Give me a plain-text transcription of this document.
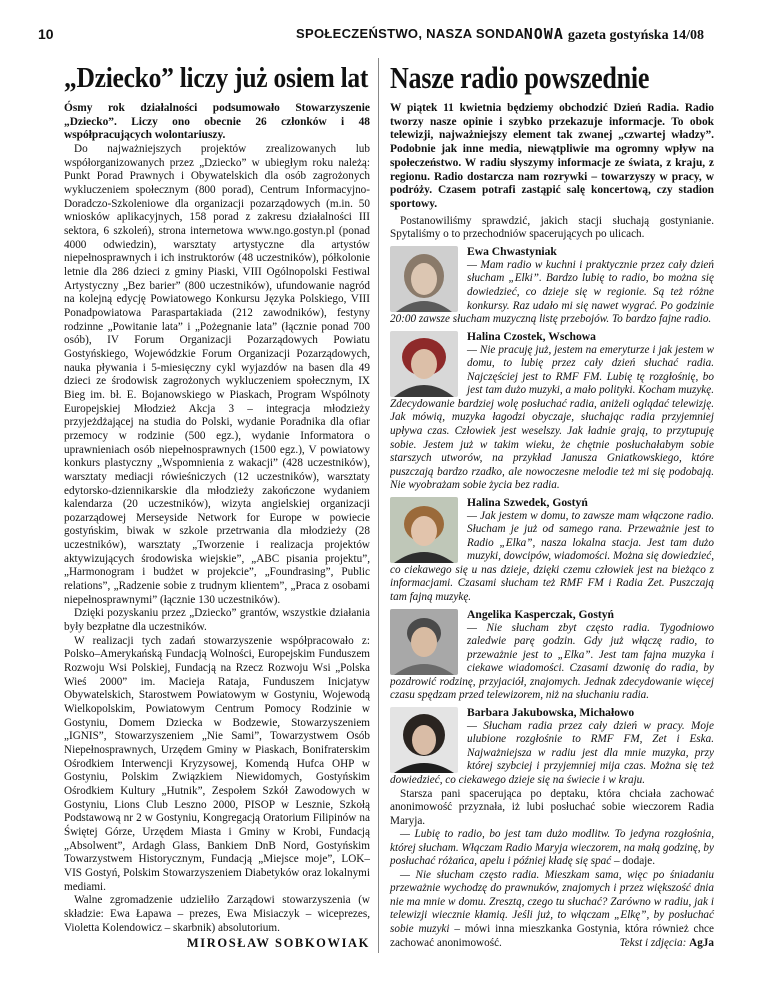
10	SPOŁECZEŃSTWO, NASZA SONDA NOWA gazeta gostyńska 14/08
„Dziecko” liczy już osiem lat
Ósmy rok działalności podsumowało Stowarzyszenie „Dziecko”. Liczy ono obecnie 26 członków i 48 współpracujących wolontariuszy.

Do najważniejszych projektów zrealizowanych lub współorganizowanych przez „Dziecko” w ubiegłym roku należą: Punkt Porad Prawnych i Obywatelskich dla osób zagrożonych wykluczeniem społecznym (800 porad), Centrum Informacyjno-Doradczo-Szkoleniowe dla organizacji pozarządowych (m.in. 50 wniosków aplikacyjnych, 158 porad z zakresu działalności III sektora, 6 szkoleń), strona internetowa www.ngo.gostyn.pl (ponad 4000 odwiedzin), warsztaty artystyczne dla artystów niepełnosprawnych i ich instruktorów (48 uczestników), półkolonie letnie dla 286 dzieci z gminy Piaski, VIII Ogólnopolski Festiwal Artystyczny „Bez barier” (800 uczestników), ufundowanie nagród na kolejną edycję Powiatowego Konkursu Języka Polskiego, VIII Ponadpowiatowa Paraspartakiada (212 zawodników), festyny rodzinne „Powitanie lata” i „Pożegnanie lata” (łącznie ponad 700 osób), IV Forum Organizacji Pozarządowych Powiatu Gostyńskiego, Wojewódzkie Forum Organizacji Pozarządowych, nauka pływania i 5-miesięczny cykl wyjazdów na basen dla 49 dzieci ze środowisk zagrożonych wykluczeniem społecznym, IX Bieg im. bł. E. Bojanowskiego w Piaskach, Program Wspólnoty Europejskiej Młodzież Akcja 3 – integracja młodzieży przyjeżdżającej na studia do Polski, wydanie Poradnika dla ofiar przemocy w rodzinie (500 egz.), wydanie Informatora o uprawnieniach osób niepełnosprawnych (1500 egz.), V powiatowy konkurs plastyczny „Wspomnienia z wakacji” (428 uczestników), warsztaty mediacji rówieśniczych (12 uczestników), warsztaty edytorsko-dziennikarskie dla młodzieży zakończone wydaniem kalendarza (20 uczestników), wizyta angielskiej organizacji pozarządowej Merseyside Network for Europe w powiecie gostyńskim, biwak w szkole przetrwania dla młodzieży (28 uczestników), warsztaty „Tworzenie i realizacja projektów aktywizujących środowiska wiejskie”, „ABC pisania projektu”, „Harmonogram i budżet w projekcie”, „Foundrasing”, Public relations”, „Radzenie sobie z trudnym klientem”, „Praca z osobami niepełnosprawnymi” (łącznie 130 uczestników).

Dzięki pozyskaniu przez „Dziecko” grantów, wszystkie działania były bezpłatne dla uczestników.

W realizacji tych zadań stowarzyszenie współpracowało z: Polsko–Amerykańską Fundacją Wolności, Europejskim Funduszem Rozwoju Wsi Polskiej, Fundacją na Rzecz Rozwoju Wsi „Polska Wieś 2000” im. Macieja Rataja, Funduszem Inicjatyw Obywatelskich, Starostwem Powiatowym w Gostyniu, Wojewodą Wielkopolskim, Powiatowym Centrum Pomocy Rodzinie w Gostyniu, Domem Dziecka w Bodzewie, Stowarzyszeniem „IGNIS”, Stowarzyszeniem „Nie Sami”, Towarzystwem Osób Niepełnosprawnych, Urzędem Gminy w Piaskach, Bonifraterskim Ośrodkiem Interwencji Kryzysowej, Komendą Hufca OHP w Gostyniu, Polskim Związkiem Niewidomych, Gostyńskim Ośrodkiem Kultury „Hutnik”, Zespołem Szkół Zawodowych w Gostyniu, Lions Club Leszno 2000, PISOP w Lesznie, Szkołą Podstawową nr 2 w Gostyniu, Kongregacją Oratorium Filipinów na Świętej Górze, Urzędem Miasta i Gminy w Krobi, Fundacją „Absolwent”, Ardagh Glass, Bankiem DnB Nord, Gostyńskim Towarzystwem Historycznym, Fundacją „Miejsce moje”, LOK–VIS Gostyń, Polskim Stowarzyszeniem Diabetyków oraz lokalnymi mediami.

Walne zgromadzenie udzieliło Zarządowi stowarzyszenia (w składzie: Ewa Łapawa – prezes, Ewa Misiaczyk – wiceprezes, Violetta Kolendowicz – skarbnik) absolutorium.

MIROSŁAW SOBKOWIAK
Nasze radio powszednie
W piątek 11 kwietnia będziemy obchodzić Dzień Radia. Radio tworzy nasze opinie i szybko przekazuje informacje. To obok telewizji, najważniejszy element tak zwanej „czwartej władzy”. Podobnie jak inne media, niewątpliwie ma ogromny wpływ na społeczeństwo. W radiu słyszymy informacje ze świata, z kraju, z regionu. Radio dostarcza nam rozrywki – towarzyszy w pracy, w podróży. Czasem potrafi zastąpić salę koncertową, czy stadion sportowy.

Postanowiliśmy sprawdzić, jakich stacji słuchają gostynianie. Spytaliśmy o to przechodniów spacerujących po ulicach.

Ewa Chwastyniak
— Mam radio w kuchni i praktycznie przez cały dzień słucham „Elki”. Bardzo lubię to radio, bo można się dowiedzieć, co dzieje się w regionie. Są też różne konkursy. Raz udało mi się nawet wygrać. Po godzinie 20:00 zawsze słucham muzyczną listę przebojów. To bardzo fajne radio.
Halina Czostek, Wschowa
— Nie pracuję już, jestem na emeryturze i jak jestem w domu, to lubię przez cały dzień słuchać radia. Najczęściej jest to RMF FM. Lubię tę rozgłośnię, bo jest tam dużo muzyki, a mało polityki. Kocham muzykę. Zdecydowanie bardziej wolę posłuchać radia, aniżeli oglądać telewizję. Jak mówią, muzyka łagodzi obyczaje, słuchając radia przyjemniej upływa czas. Człowiek jest weselszy. Jak ładnie grają, to przytupuję sobie. Jestem już w takim wieku, że chętnie posłuchałabym sobie starszych utworów, na przykład Janusza Gniatkowskiego, które puszczają bardzo rzadko, ale nowoczesne melodie też mi się podobają. Nie wyobrażam sobie życia bez radia.
Halina Szwedek, Gostyń
— Jak jestem w domu, to zawsze mam włączone radio. Słucham je już od samego rana. Przeważnie jest to Radio „Elka”, nasza lokalna stacja. Jest tam dużo muzyki, dowcipów, wiadomości. Można się dowiedzieć, co ciekawego się u nas dzieje, dzięki czemu człowiek jest na bieżąco z informacjami. Czasami słucham też RMF FM i Radia Zet. Puszczają tam fajną muzykę.
Angelika Kasperczak, Gostyń
— Nie słucham zbyt często radia. Tygodniowo zaledwie parę godzin. Gdy już włączę radio, to przeważnie jest to „Elka”. Jest tam fajna muzyka i ciekawe wiadomości. Czasami dzwonię do radia, by pozdrowić rodzinę, przyjaciół, znajomych. Jednak zdecydowanie więcej czasu spędzam przed telewizorem, niż na słuchaniu radia.
Barbara Jakubowska, Michałowo
— Słucham radia przez cały dzień w pracy. Moje ulubione rozgłośnie to RMF FM, Zet i Eska. Najważniejsza w radiu jest dla mnie muzyka, przy której szybciej i przyjemniej mija czas. Można się też dowiedzieć, co ciekawego dzieje się na świecie i w kraju.

Starsza pani spacerująca po deptaku, która chciała zachować anonimowość przyznała, iż lubi posłuchać sobie wieczorem Radia Maryja.

— Lubię to radio, bo jest tam dużo modlitw. To jedyna rozgłośnia, której słucham. Włączam Radio Maryja wieczorem, na małą godzinę, by posłuchać różańca, apelu i później kładę się spać – dodaje.

— Nie słucham często radia. Mieszkam sama, więc po śniadaniu przeważnie wychodzę do prawnuków, znajomych i przez większość dnia nie ma mnie w domu. Zresztą, czego tu słuchać? Zarówno w radiu, jak i telewizji wiecznie kłamią. Jeśli już, to włączam „Elkę”, by posłuchać sobie muzyki – mówi inna mieszkanka Gostynia, która również chce zachować anonimowość.	Tekst i zdjęcia: AgJa
